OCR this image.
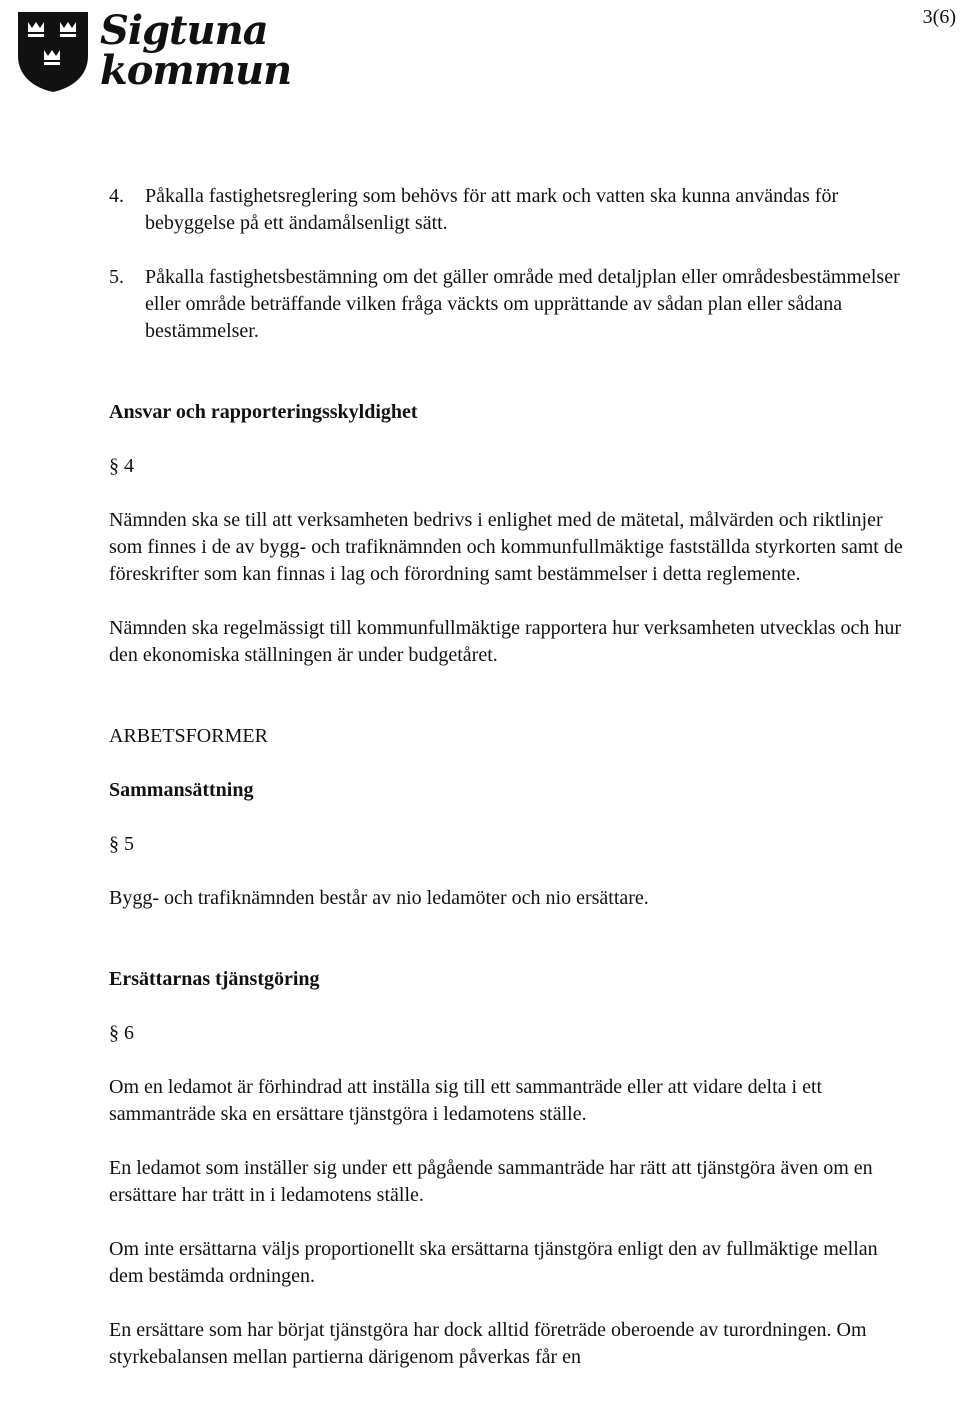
3(6)
Sigtuna
kommun
4. Påkalla fastighetsreglering som behövs för att mark och vatten ska kunna användas för bebyggelse på ett ändamålsenligt sätt.
5. Påkalla fastighetsbestämning om det gäller område med detaljplan eller områdesbestämmelser eller område beträffande vilken fråga väckts om upprättande av sådan plan eller sådana bestämmelser.
Ansvar och rapporteringsskyldighet
§ 4

Nämnden ska se till att verksamheten bedrivs i enlighet med de mätetal, målvärden och riktlinjer som finnes i de av bygg- och trafiknämnden och kommunfullmäktige fastställda styrkorten samt de föreskrifter som kan finnas i lag och förordning samt bestämmelser i detta reglemente.

Nämnden ska regelmässigt till kommunfullmäktige rapportera hur verksamheten utvecklas och hur den ekonomiska ställningen är under budgetåret.

ARBETSFORMER
Sammansättning
§ 5

Bygg- och trafiknämnden består av nio ledamöter och nio ersättare.

Ersättarnas tjänstgöring
§ 6

Om en ledamot är förhindrad att inställa sig till ett sammanträde eller att vidare delta i ett sammanträde ska en ersättare tjänstgöra i ledamotens ställe.

En ledamot som inställer sig under ett pågående sammanträde har rätt att tjänstgöra även om en ersättare har trätt in i ledamotens ställe.

Om inte ersättarna väljs proportionellt ska ersättarna tjänstgöra enligt den av fullmäktige mellan dem bestämda ordningen.

En ersättare som har börjat tjänstgöra har dock alltid företräde oberoende av turordningen. Om styrkebalansen mellan partierna därigenom påverkas får en
